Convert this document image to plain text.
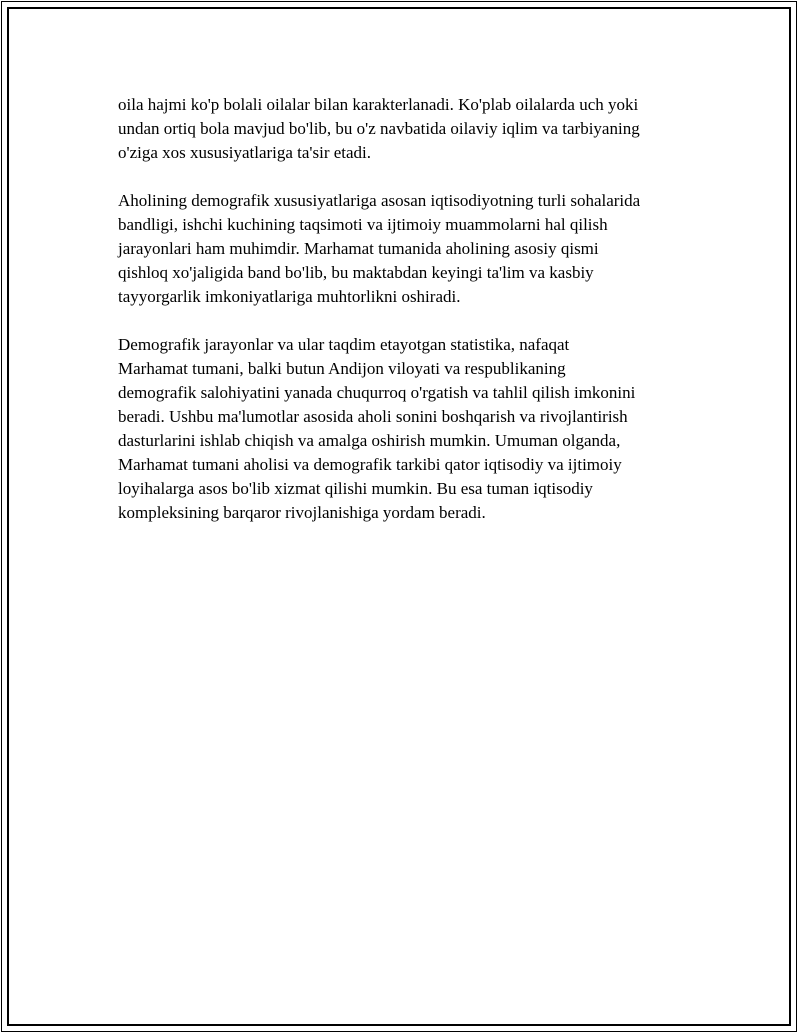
oila hajmi ko'p bolali oilalar bilan karakterlanadi. Ko'plab oilalarda uch yoki
undan ortiq bola mavjud bo'lib, bu o'z navbatida oilaviy iqlim va tarbiyaning
o'ziga xos xususiyatlariga ta'sir etadi.

Aholining demografik xususiyatlariga asosan iqtisodiyotning turli sohalarida
bandligi, ishchi kuchining taqsimoti va ijtimoiy muammolarni hal qilish
jarayonlari ham muhimdir. Marhamat tumanida aholining asosiy qismi
qishloq xo'jaligida band bo'lib, bu maktabdan keyingi ta'lim va kasbiy
tayyorgarlik imkoniyatlariga muhtorlikni oshiradi.

Demografik jarayonlar va ular taqdim etayotgan statistika, nafaqat
Marhamat tumani, balki butun Andijon viloyati va respublikaning
demografik salohiyatini yanada chuqurroq o'rgatish va tahlil qilish imkonini
beradi. Ushbu ma'lumotlar asosida aholi sonini boshqarish va rivojlantirish
dasturlarini ishlab chiqish va amalga oshirish mumkin. Umuman olganda,
Marhamat tumani aholisi va demografik tarkibi qator iqtisodiy va ijtimoiy
loyihalarga asos bo'lib xizmat qilishi mumkin. Bu esa tuman iqtisodiy
kompleksining barqaror rivojlanishiga yordam beradi.
